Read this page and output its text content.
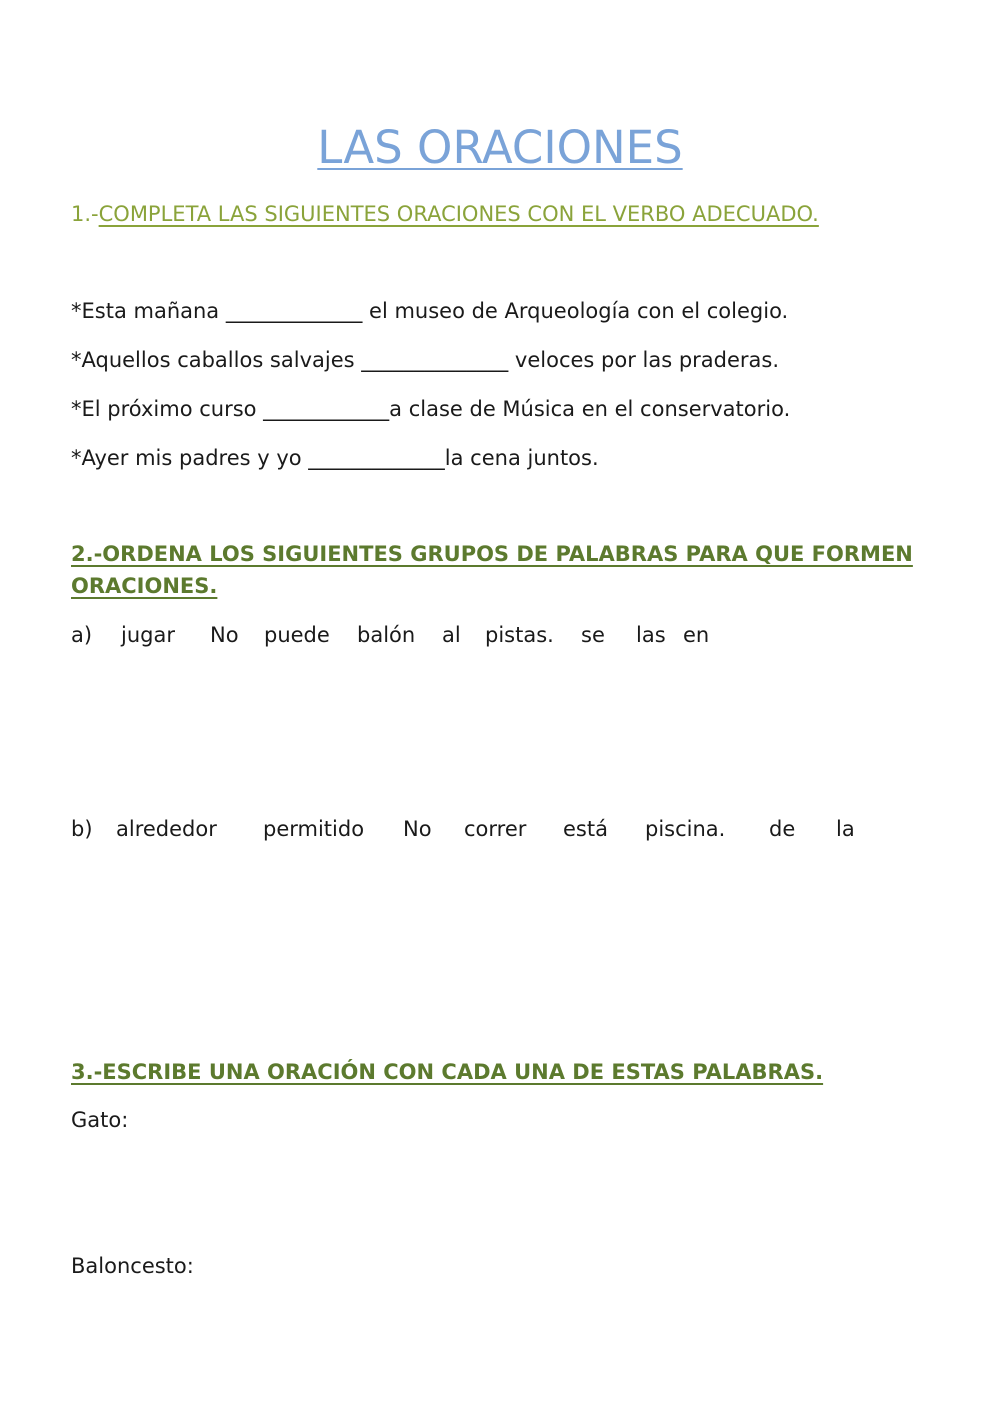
LAS ORACIONES
1.-COMPLETA LAS SIGUIENTES ORACIONES CON EL VERBO ADECUADO.
*Esta mañana _____________ el museo de Arqueología con el colegio.
*Aquellos caballos salvajes ______________ veloces por las praderas.
*El próximo curso ____________a clase de Música en el conservatorio.
*Ayer mis padres y yo _____________la cena juntos.
2.-ORDENA LOS SIGUIENTES GRUPOS DE PALABRAS PARA QUE FORMEN
ORACIONES.
a)	jugar	No	puede	balón	al	pistas.	se	las en
b)	alrededor	permitido	No	correr	está	piscina.	de	la
3.-ESCRIBE UNA ORACIÓN CON CADA UNA DE ESTAS PALABRAS.
Gato:
Baloncesto:
